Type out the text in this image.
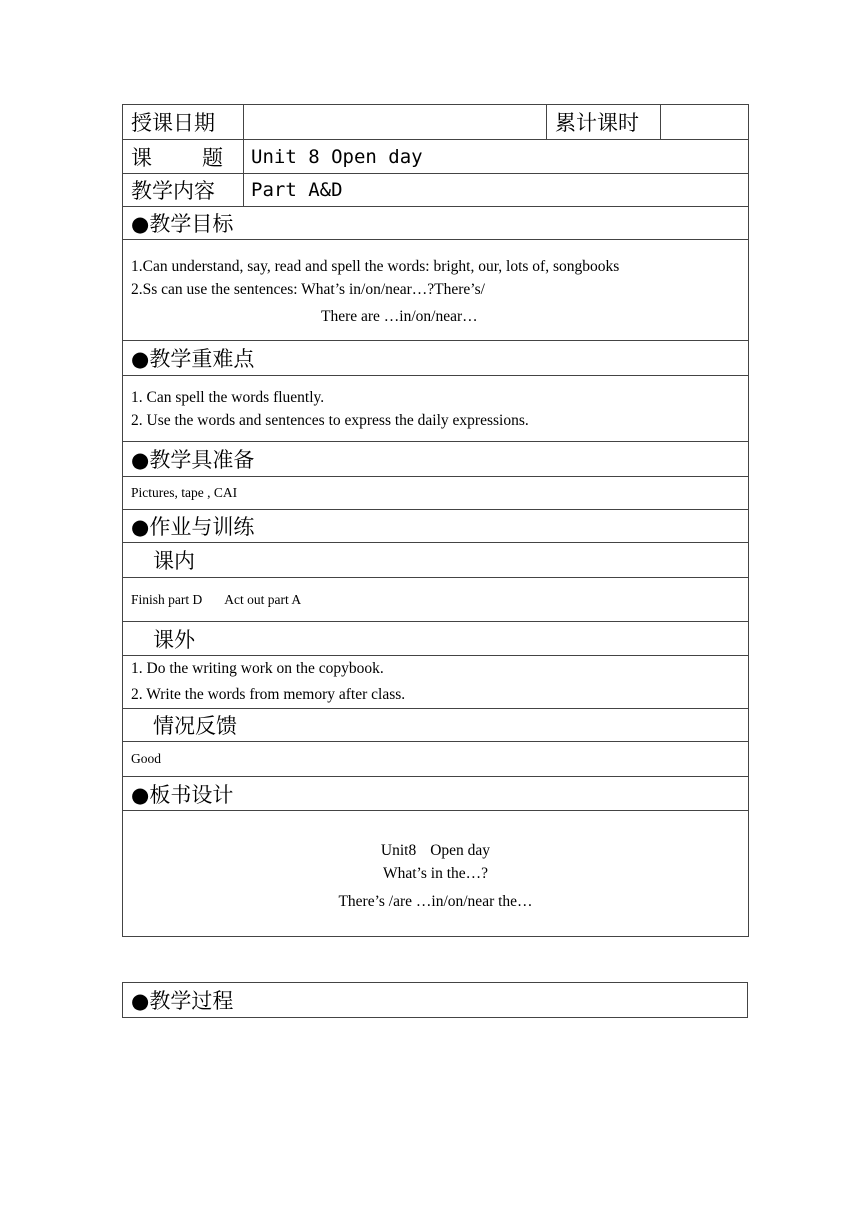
授课日期		累计课时	

课 题	Unit 8 Open day		
教学内容	Part A&D		
●教学目标			

1.Can understand, say, read and spell the words: bright, our, lots of, songbooks
2.Ss can use the sentences: What’s in/on/near…?There’s/
There are …in/on/near…			

●教学重难点			

1. Can spell the words fluently.
2. Use the words and sentences to express the daily expressions.			

●教学具准备			
Pictures, tape , CAI			
●作业与训练			
课内			
Finish part D Act out part A			
课外			

1. Do the writing work on the copybook.
2. Write the words from memory after class.			

情况反馈			
Good			
●板书设计			

Unit8 Open day
What’s in the…?
There’s /are …in/on/near the…			
●教学过程
